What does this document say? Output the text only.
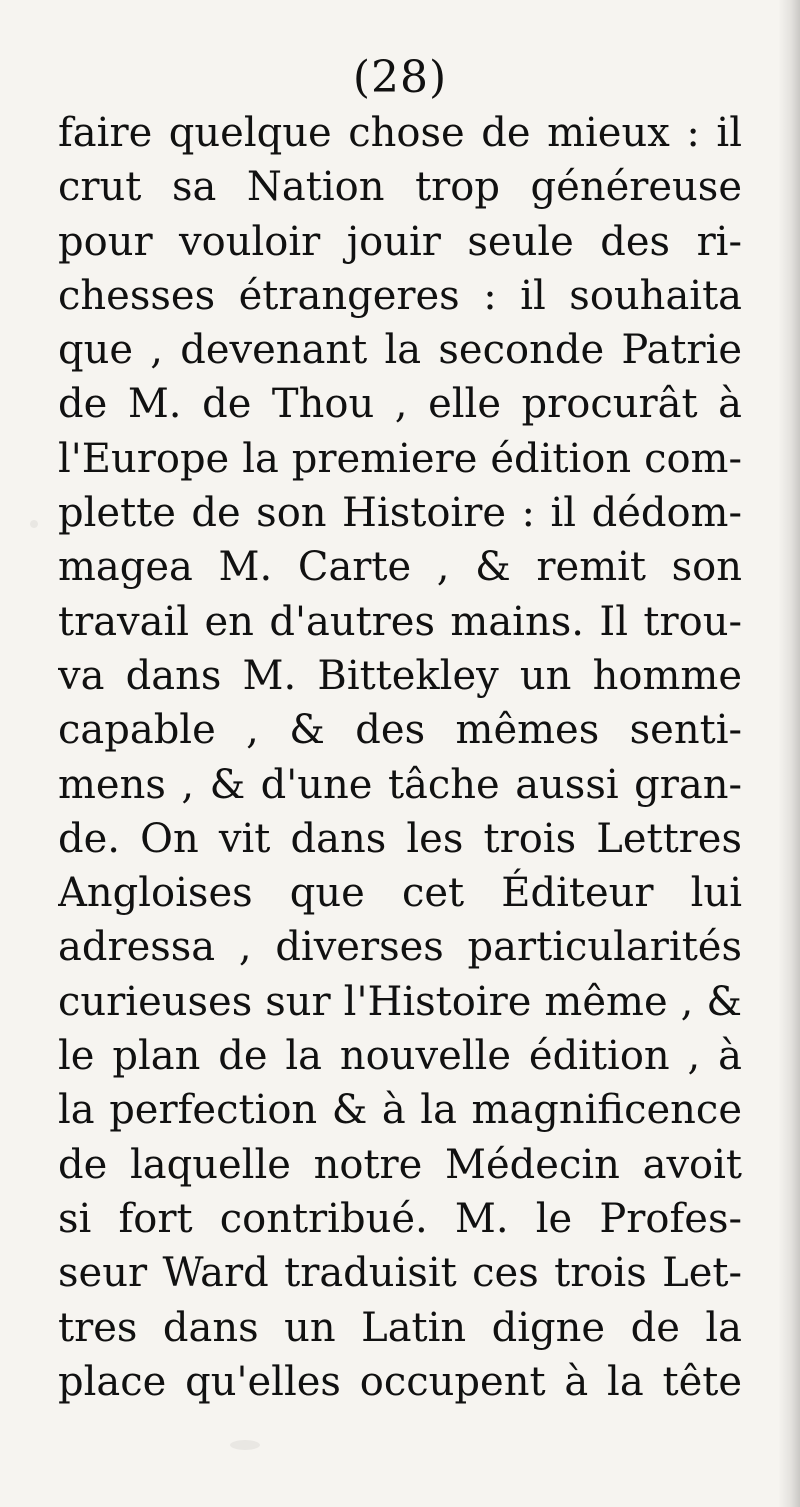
(28)
faire quelque chose de mieux : il
crut sa Nation trop généreuse
pour vouloir jouir seule des ri-
chesses étrangeres : il souhaita
que , devenant la seconde Patrie
de M. de Thou , elle procurât à
l'Europe la premiere édition com-
plette de son Histoire : il dédom-
magea M. Carte , & remit son
travail en d'autres mains. Il trou-
va dans M. Bittekley un homme
capable , & des mêmes senti-
mens , & d'une tâche aussi gran-
de. On vit dans les trois Lettres
Angloises que cet Éditeur lui
adressa , diverses particularités
curieuses sur l'Histoire même , &
le plan de la nouvelle édition , à
la perfection & à la magnificence
de laquelle notre Médecin avoit
si fort contribué. M. le Profes-
seur Ward traduisit ces trois Let-
tres dans un Latin digne de la
place qu'elles occupent à la tête
